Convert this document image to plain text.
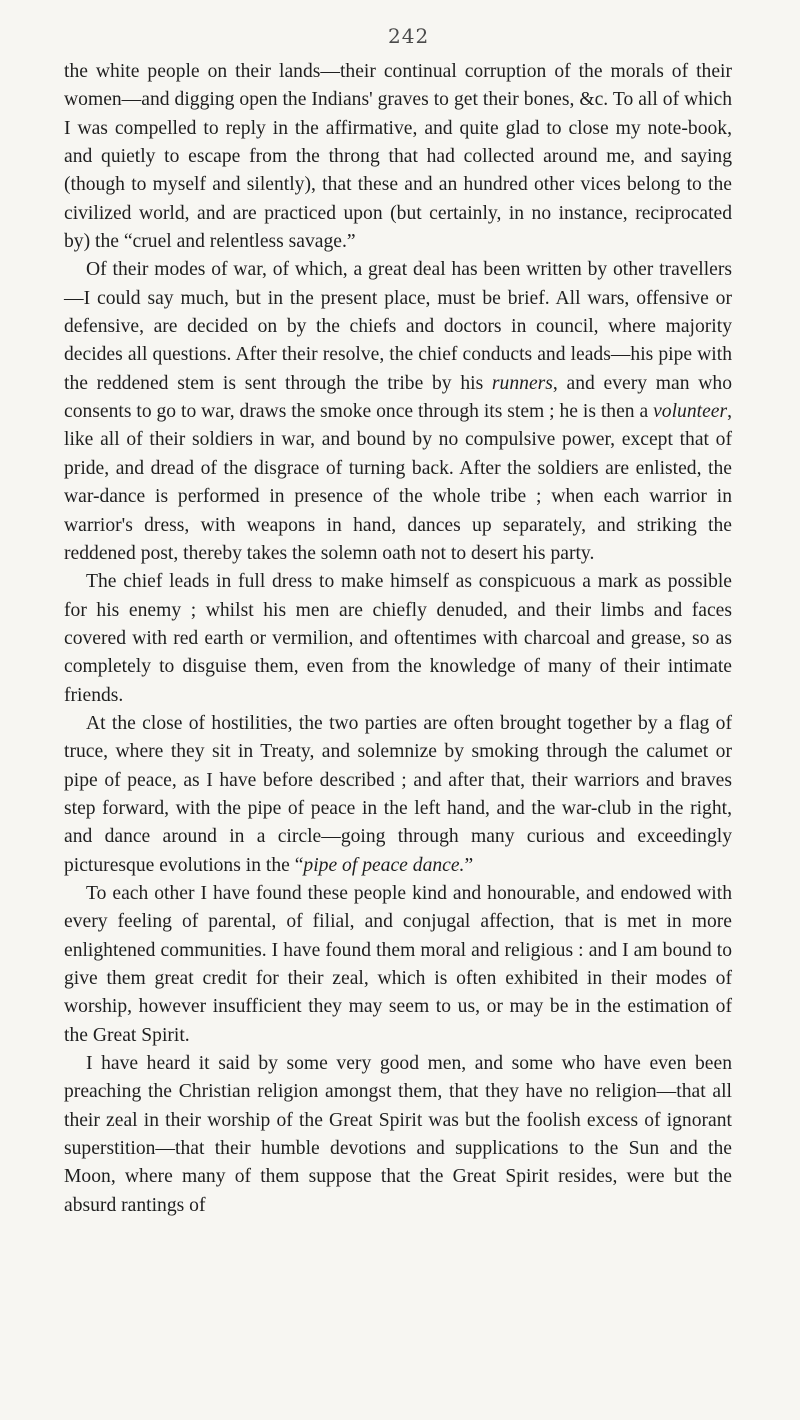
242

the white people on their lands—their continual corruption of the morals of their women—and digging open the Indians' graves to get their bones, &c. To all of which I was compelled to reply in the affirmative, and quite glad to close my note-book, and quietly to escape from the throng that had collected around me, and saying (though to myself and silently), that these and an hundred other vices belong to the civilized world, and are practiced upon (but certainly, in no instance, reciprocated by) the “cruel and relentless savage.”

Of their modes of war, of which, a great deal has been written by other travellers—I could say much, but in the present place, must be brief. All wars, offensive or defensive, are decided on by the chiefs and doctors in council, where majority decides all questions. After their resolve, the chief conducts and leads—his pipe with the reddened stem is sent through the tribe by his runners, and every man who consents to go to war, draws the smoke once through its stem ; he is then a volunteer, like all of their soldiers in war, and bound by no compulsive power, except that of pride, and dread of the disgrace of turning back. After the soldiers are enlisted, the war-dance is performed in presence of the whole tribe ; when each warrior in warrior's dress, with weapons in hand, dances up separately, and striking the reddened post, thereby takes the solemn oath not to desert his party.

The chief leads in full dress to make himself as conspicuous a mark as possible for his enemy ; whilst his men are chiefly denuded, and their limbs and faces covered with red earth or vermilion, and oftentimes with charcoal and grease, so as completely to disguise them, even from the knowledge of many of their intimate friends.

At the close of hostilities, the two parties are often brought together by a flag of truce, where they sit in Treaty, and solemnize by smoking through the calumet or pipe of peace, as I have before described ; and after that, their warriors and braves step forward, with the pipe of peace in the left hand, and the war-club in the right, and dance around in a circle—going through many curious and exceedingly picturesque evolutions in the “pipe of peace dance.”

To each other I have found these people kind and honourable, and endowed with every feeling of parental, of filial, and conjugal affection, that is met in more enlightened communities. I have found them moral and religious : and I am bound to give them great credit for their zeal, which is often exhibited in their modes of worship, however insufficient they may seem to us, or may be in the estimation of the Great Spirit.

I have heard it said by some very good men, and some who have even been preaching the Christian religion amongst them, that they have no religion—that all their zeal in their worship of the Great Spirit was but the foolish excess of ignorant superstition—that their humble devotions and supplications to the Sun and the Moon, where many of them suppose that the Great Spirit resides, were but the absurd rantings of
